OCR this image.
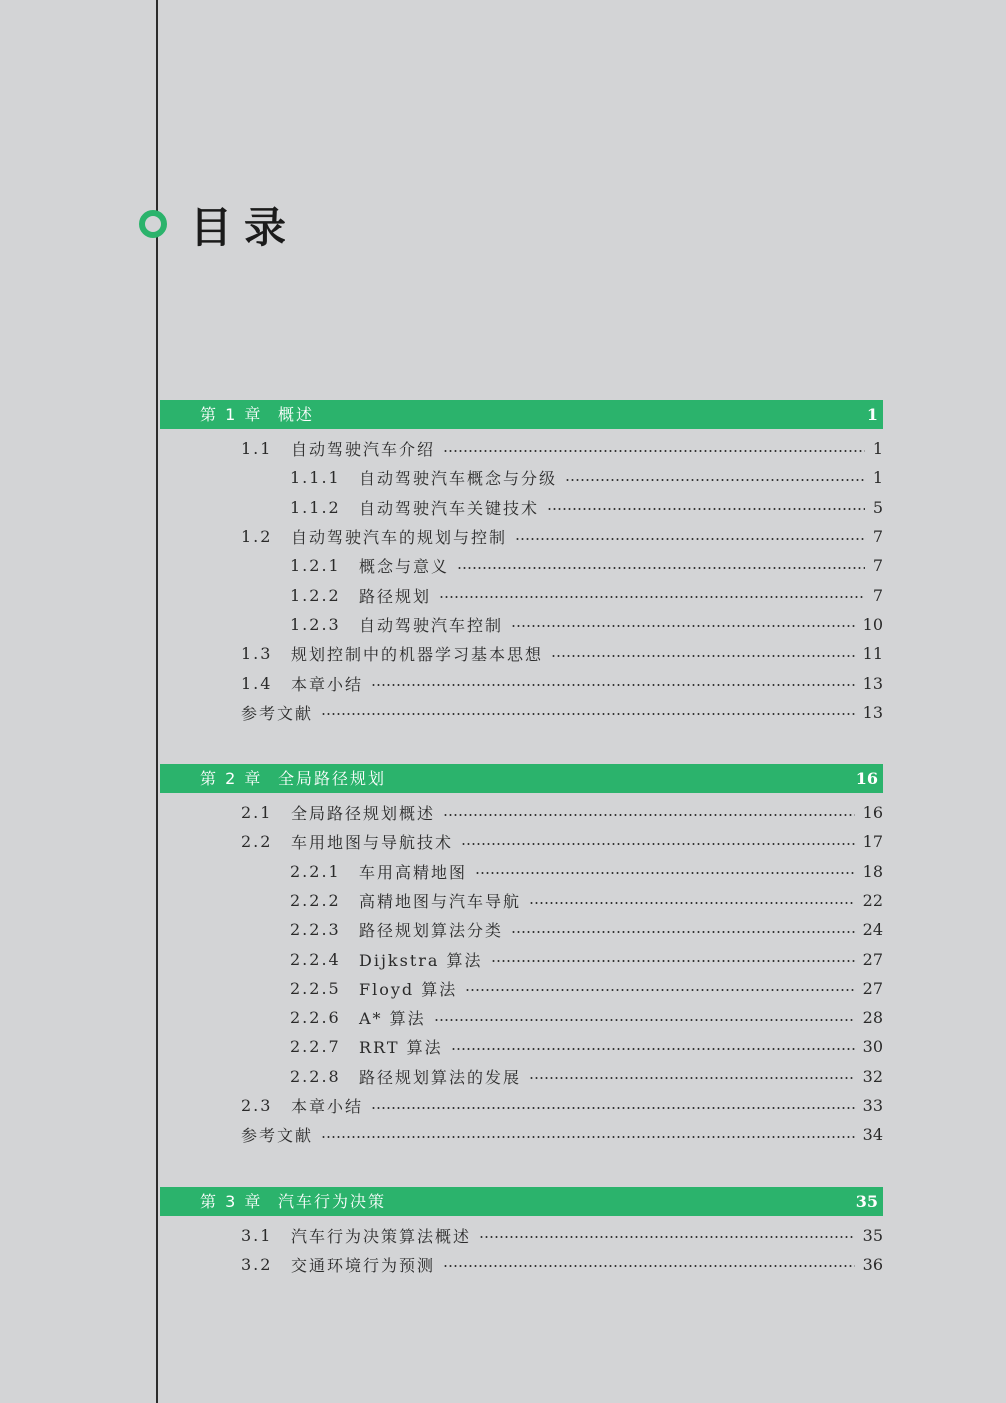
目录
第 1 章 概述	1
1.1	自动驾驶汽车介绍	1
1.1.1	自动驾驶汽车概念与分级	1
1.1.2	自动驾驶汽车关键技术	5
1.2	自动驾驶汽车的规划与控制	7
1.2.1	概念与意义	7
1.2.2	路径规划	7
1.2.3	自动驾驶汽车控制	10
1.3	规划控制中的机器学习基本思想	11
1.4	本章小结	13
参考文献	13
第 2 章 全局路径规划	16
2.1	全局路径规划概述	16
2.2	车用地图与导航技术	17
2.2.1	车用高精地图	18
2.2.2	高精地图与汽车导航	22
2.2.3	路径规划算法分类	24
2.2.4	Dijkstra 算法	27
2.2.5	Floyd 算法	27
2.2.6	A* 算法	28
2.2.7	RRT 算法	30
2.2.8	路径规划算法的发展	32
2.3	本章小结	33
参考文献	34
第 3 章 汽车行为决策	35
3.1	汽车行为决策算法概述	35
3.2	交通环境行为预测	36
